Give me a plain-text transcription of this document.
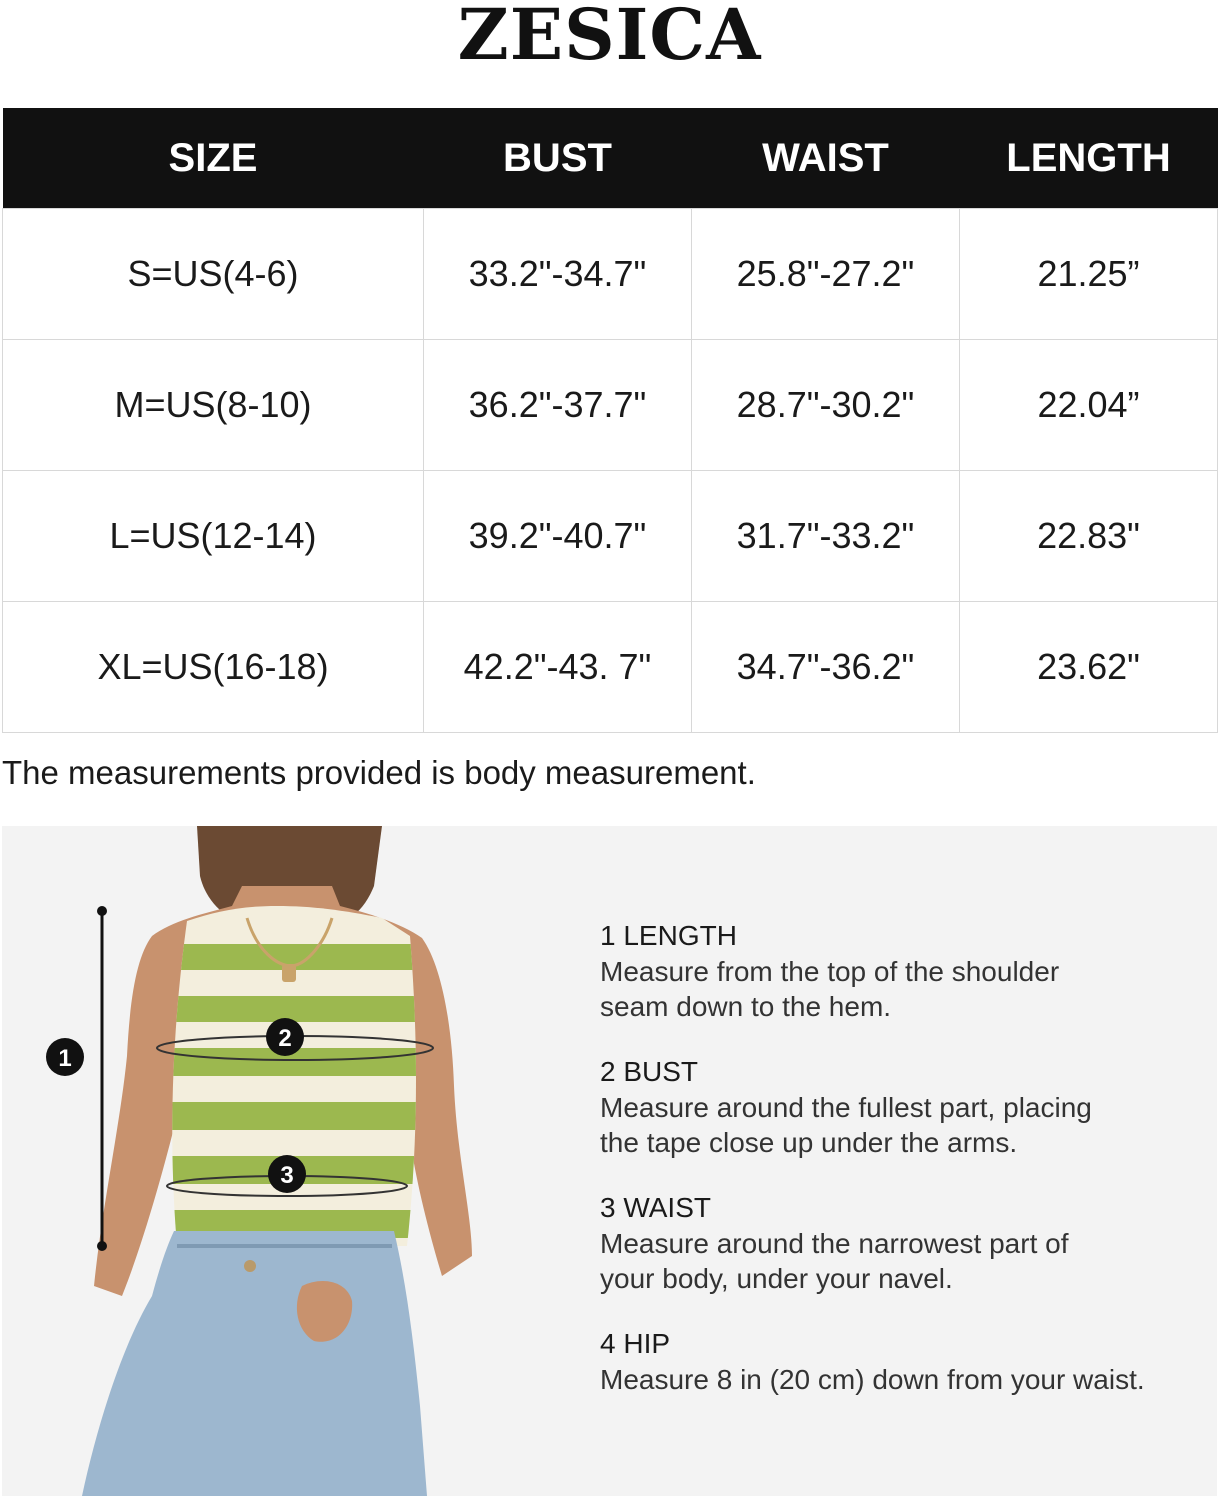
ZESICA
SIZE	BUST	WAIST	LENGTH
S=US(4-6)	33.2"-34.7"	25.8"-27.2"	21.25”
M=US(8-10)	36.2"-37.7"	28.7"-30.2"	22.04”
L=US(12-14)	39.2"-40.7"	31.7"-33.2"	22.83"
XL=US(16-18)	42.2"-43. 7"	34.7"-36.2"	23.62"
The measurements provided is body measurement.
1
2
3
1 LENGTH
Measure from the top of the shoulder
seam down to the hem.
2 BUST
Measure around the fullest part, placing
the tape close up under the arms.
3 WAIST
Measure around the narrowest part of
your body, under your navel.
4 HIP
Measure 8 in (20 cm) down from your waist.
